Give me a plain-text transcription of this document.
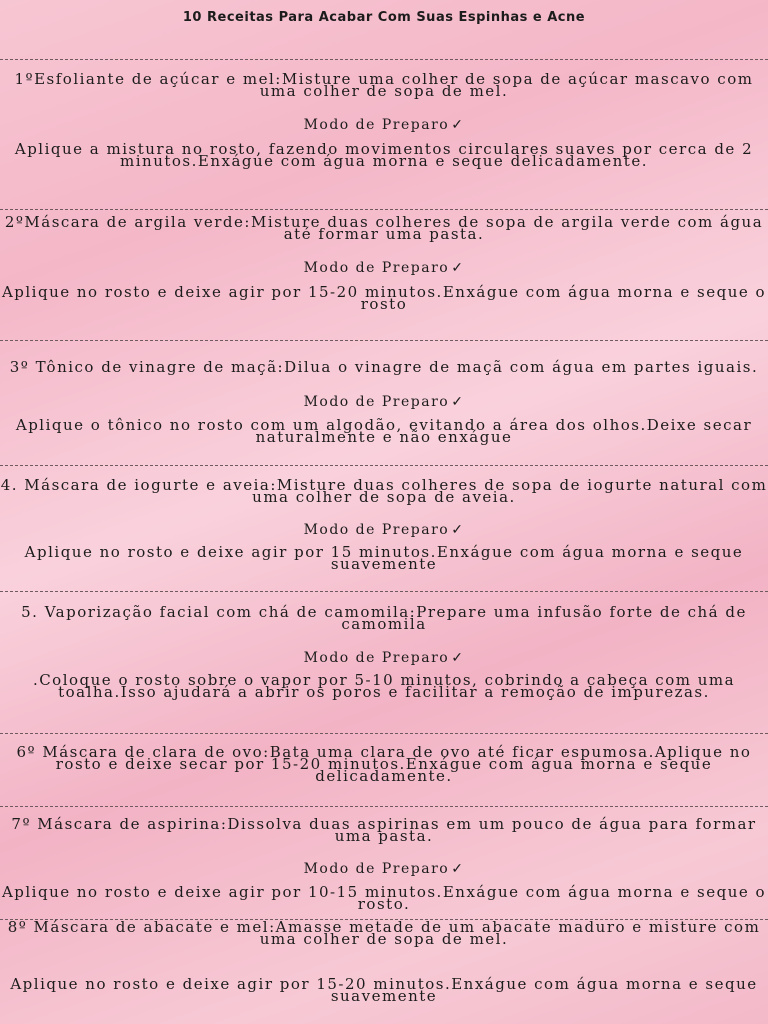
10 Receitas Para Acabar Com Suas Espinhas e Acne
1ºEsfoliante de açúcar e mel:Misture uma colher de sopa de açúcar mascavo com uma colher de sopa de mel.
Modo de Preparo ✓
Aplique a mistura no rosto, fazendo movimentos circulares suaves por cerca de 2 minutos.Enxágue com água morna e seque delicadamente.
2ºMáscara de argila verde:Misture duas colheres de sopa de argila verde com água até formar uma pasta.
Modo de Preparo ✓
Aplique no rosto e deixe agir por 15-20 minutos.Enxágue com água morna e seque o rosto
3º Tônico de vinagre de maçã:Dilua o vinagre de maçã com água em partes iguais.
Modo de Preparo ✓
Aplique o tônico no rosto com um algodão, evitando a área dos olhos.Deixe secar naturalmente e não enxágue
4. Máscara de iogurte e aveia:Misture duas colheres de sopa de iogurte natural com uma colher de sopa de aveia.
Modo de Preparo ✓
Aplique no rosto e deixe agir por 15 minutos.Enxágue com água morna e seque suavemente
5. Vaporização facial com chá de camomila:Prepare uma infusão forte de chá de camomila
Modo de Preparo ✓
.Coloque o rosto sobre o vapor por 5-10 minutos, cobrindo a cabeça com uma toalha.Isso ajudará a abrir os poros e facilitar a remoção de impurezas.
6º Máscara de clara de ovo:Bata uma clara de ovo até ficar espumosa.Aplique no rosto e deixe secar por 15-20 minutos.Enxágue com água morna e seque delicadamente.
7º Máscara de aspirina:Dissolva duas aspirinas em um pouco de água para formar uma pasta.
Modo de Preparo ✓
Aplique no rosto e deixe agir por 10-15 minutos.Enxágue com água morna e seque o rosto.
8º Máscara de abacate e mel:Amasse metade de um abacate maduro e misture com uma colher de sopa de mel.
Aplique no rosto e deixe agir por 15-20 minutos.Enxágue com água morna e seque suavemente
